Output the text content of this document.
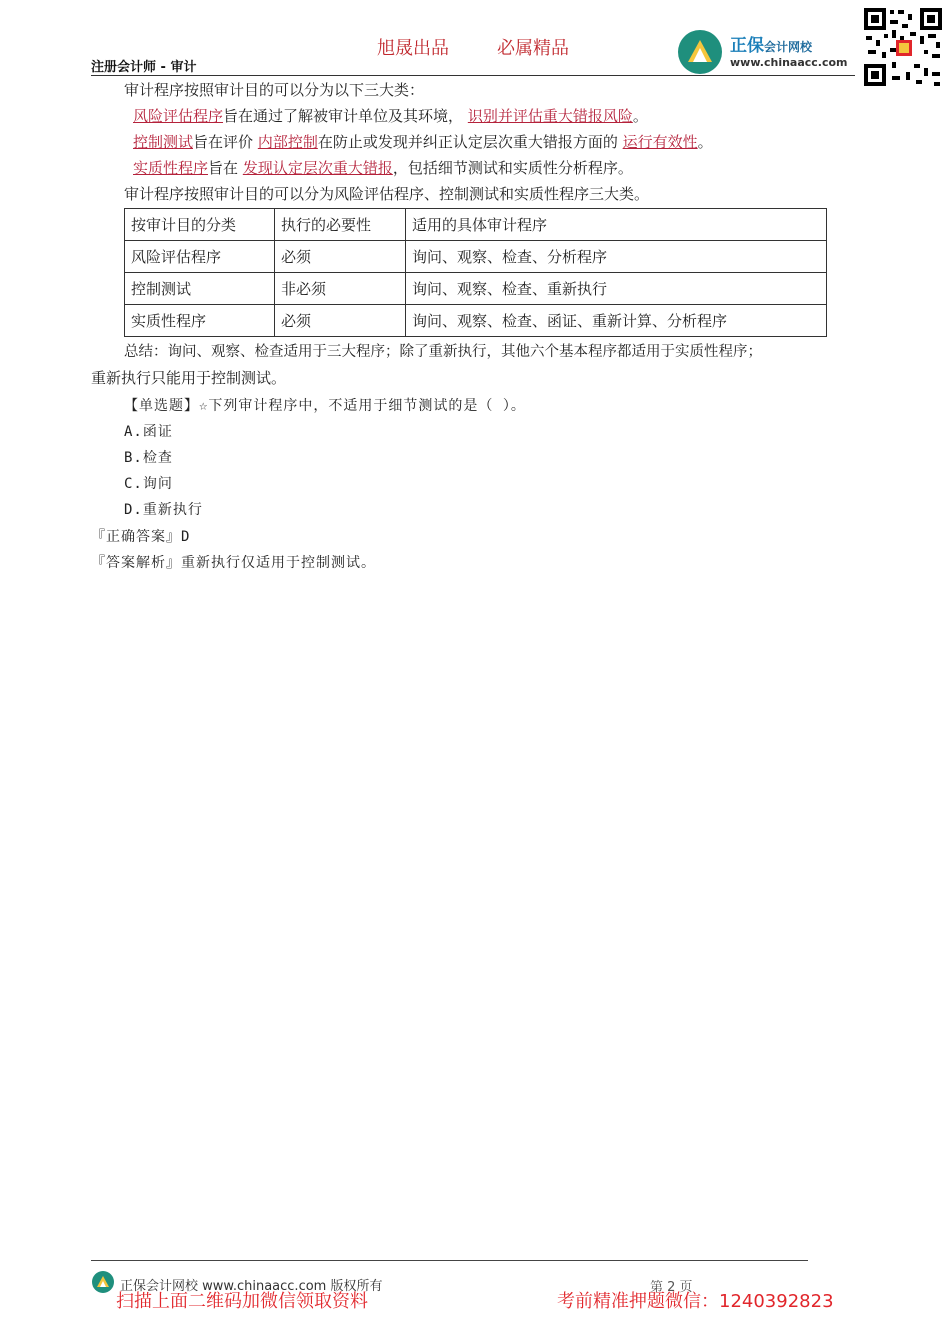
旭晟出品	必属精品
注册会计师 - 审计
正保会计网校
www.chinaacc.com
审计程序按照审计目的可以分为以下三大类：
风险评估程序旨在通过了解被审计单位及其环境， 识别并评估重大错报风险。
控制测试旨在评价 内部控制在防止或发现并纠正认定层次重大错报方面的 运行有效性。
实质性程序旨在 发现认定层次重大错报，包括细节测试和实质性分析程序。
审计程序按照审计目的可以分为风险评估程序、控制测试和实质性程序三大类。
按审计目的分类	执行的必要性	适用的具体审计程序
风险评估程序	必须	询问、观察、检查、分析程序
控制测试	非必须	询问、观察、检查、重新执行
实质性程序	必须	询问、观察、检查、函证、重新计算、分析程序
总结：询问、观察、检查适用于三大程序；除了重新执行，其他六个基本程序都适用于实质性程序；
重新执行只能用于控制测试。
【单选题】☆下列审计程序中，不适用于细节测试的是（ ）。
A.函证
B.检查
C.询问
D.重新执行
『正确答案』D
『答案解析』重新执行仅适用于控制测试。
正保会计网校 www.chinaacc.com 版权所有	第 2 页
扫描上面二维码加微信领取资料	考前精准押题微信：1240392823
